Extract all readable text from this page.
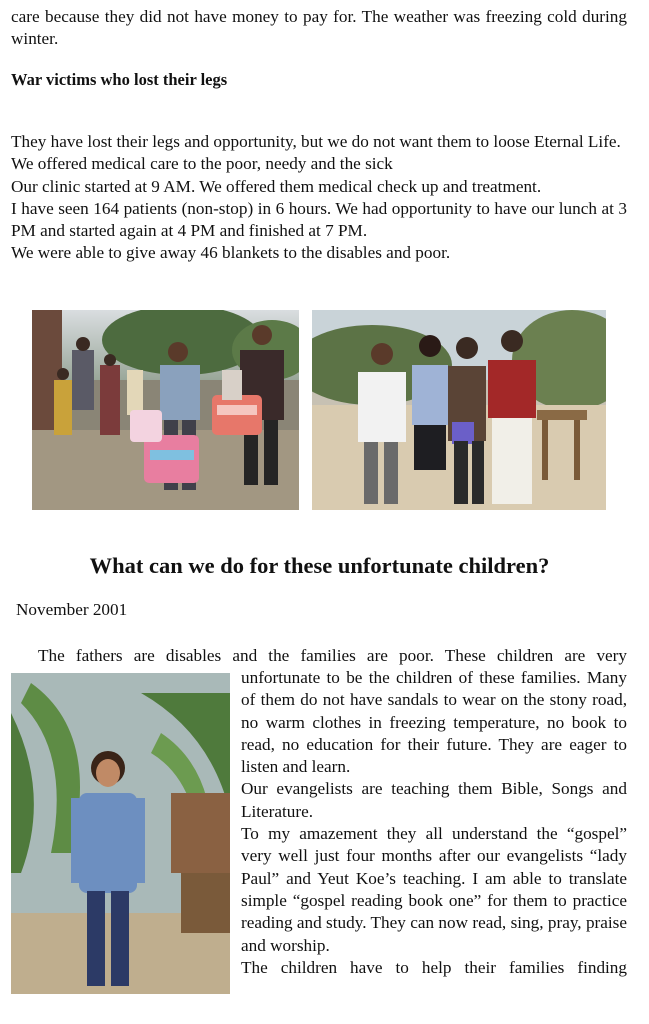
care because they did not have money to pay for. The weather was freezing cold during winter.

War victims who lost their legs

They have lost their legs and opportunity, but we do not want them to loose Eternal Life.

We offered medical care to the poor, needy and the sick

Our clinic started at 9 AM. We offered them medical check up and treatment.

I have seen 164 patients (non-stop) in 6 hours. We had opportunity to have our lunch at 3 PM and started again at 4 PM and finished at 7 PM.

We were able to give away 46 blankets to the disables and poor.

What can we do for these unfortunate children?

November 2001

The fathers are disables and the families are poor. These children are very

unfortunate to be the children of these families. Many of them do not have sandals to wear on the stony road, no warm clothes in freezing temperature, no book to read, no education for their future. They are eager to listen and learn.

Our evangelists are teaching them Bible, Songs and Literature.

To my amazement they all understand the “gospel” very well just four months after our evangelists “lady Paul” and Yeut Koe’s teaching. I am able to translate simple “gospel reading book one” for them to practice reading and study. They can now read, sing, pray, praise and worship.

The children have to help their families finding
